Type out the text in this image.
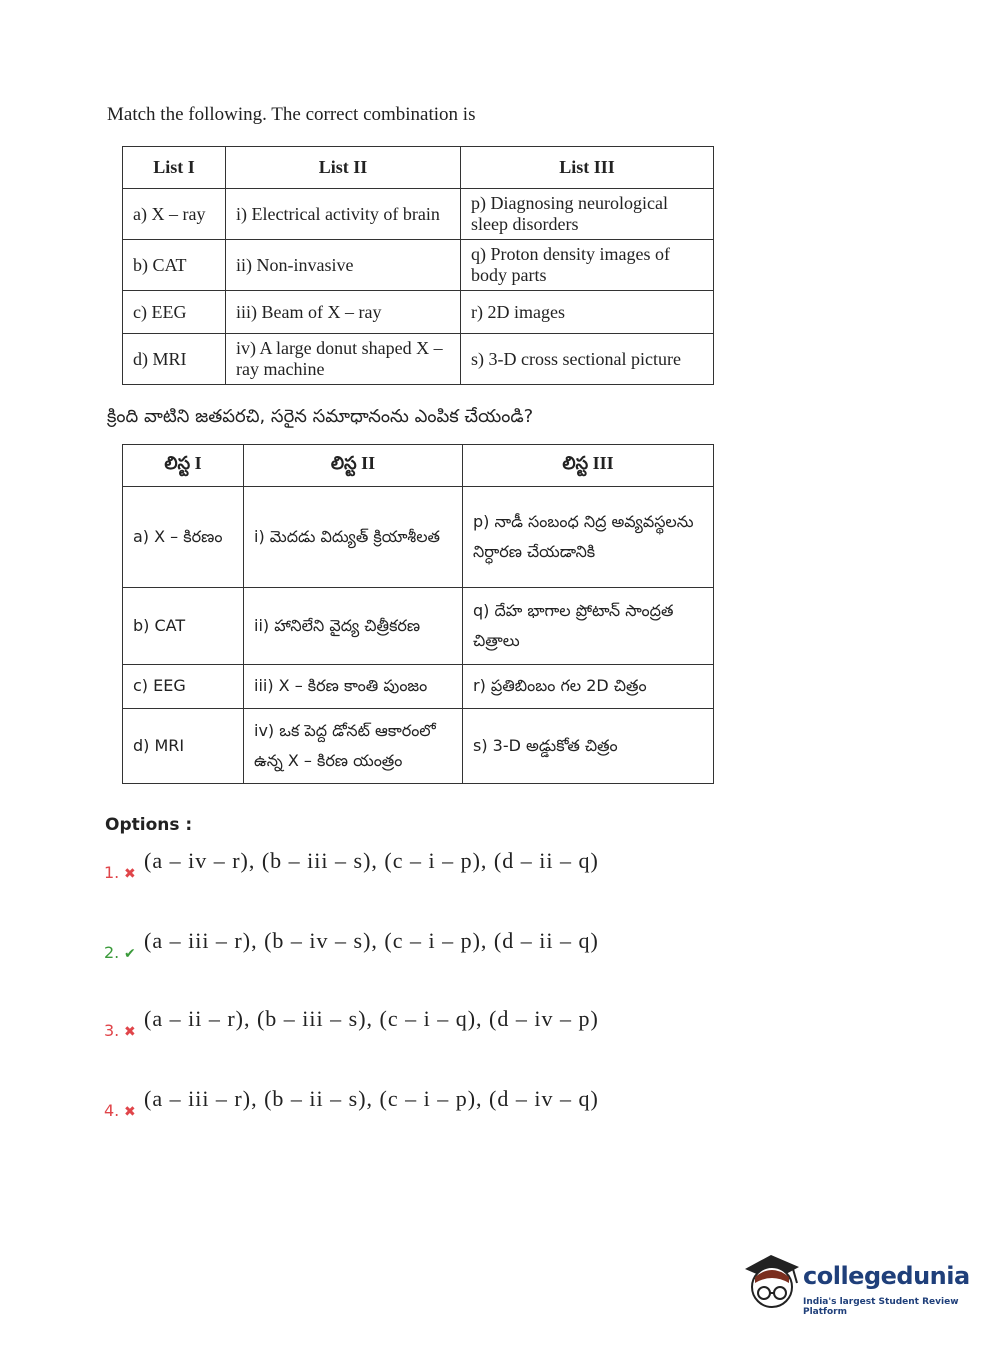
Match the following. The correct combination is
List I	List II	List III
a) X – ray	i) Electrical activity of brain	p) Diagnosing neurological sleep disorders
b) CAT	ii) Non-invasive	q) Proton density images of body parts
c) EEG	iii) Beam of X – ray	r) 2D images
d) MRI	iv) A large donut shaped X – ray machine	s) 3-D cross sectional picture
క్రింది వాటిని జతపరచి, సరైన సమాధానంను ఎంపిక చేయండి?
లిస్ట I	లిస్ట II	లిస్ట III
a) X – కిరణం	i) మెదడు విద్యుత్ క్రియాశీలత	p) నాడీ సంబంధ నిద్ర అవ్యవస్థలను నిర్ధారణ చేయడానికి
b) CAT	ii) హానిలేని వైద్య చిత్రీకరణ	q) దేహ భాగాల ప్రోటాన్ సాంద్రత చిత్రాలు
c) EEG	iii) X – కిరణ కాంతి పుంజం	r) ప్రతిబింబం గల 2D చిత్రం
d) MRI	iv) ఒక పెద్ద డోనట్ ఆకారంలో ఉన్న X – కిరణ యంత్రం	s) 3-D అడ్డుకోత చిత్రం
Options :
1. ✖(a – iv – r), (b – iii – s), (c – i – p), (d – ii – q)
2. ✔(a – iii – r), (b – iv – s), (c – i – p), (d – ii – q)
3. ✖(a – ii – r), (b – iii – s), (c – i – q), (d – iv – p)
4. ✖(a – iii – r), (b – ii – s), (c – i – p), (d – iv – q)
collegedunia
India's largest Student Review Platform
